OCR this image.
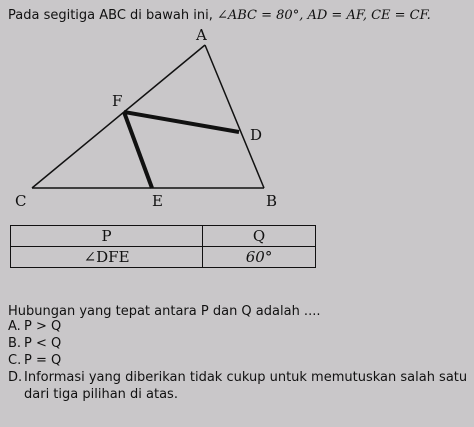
Pada segitiga ABC di bawah ini, ∠ABC = 80°, AD = AF, CE = CF.
A
F
D
C	E	B
P	Q
∠DFE	60°
Hubungan yang tepat antara P dan Q adalah ....
A. P > Q
B. P < Q
C. P = Q
D. Informasi yang diberikan tidak cukup untuk memutuskan salah satu dari tiga pilihan di atas.
